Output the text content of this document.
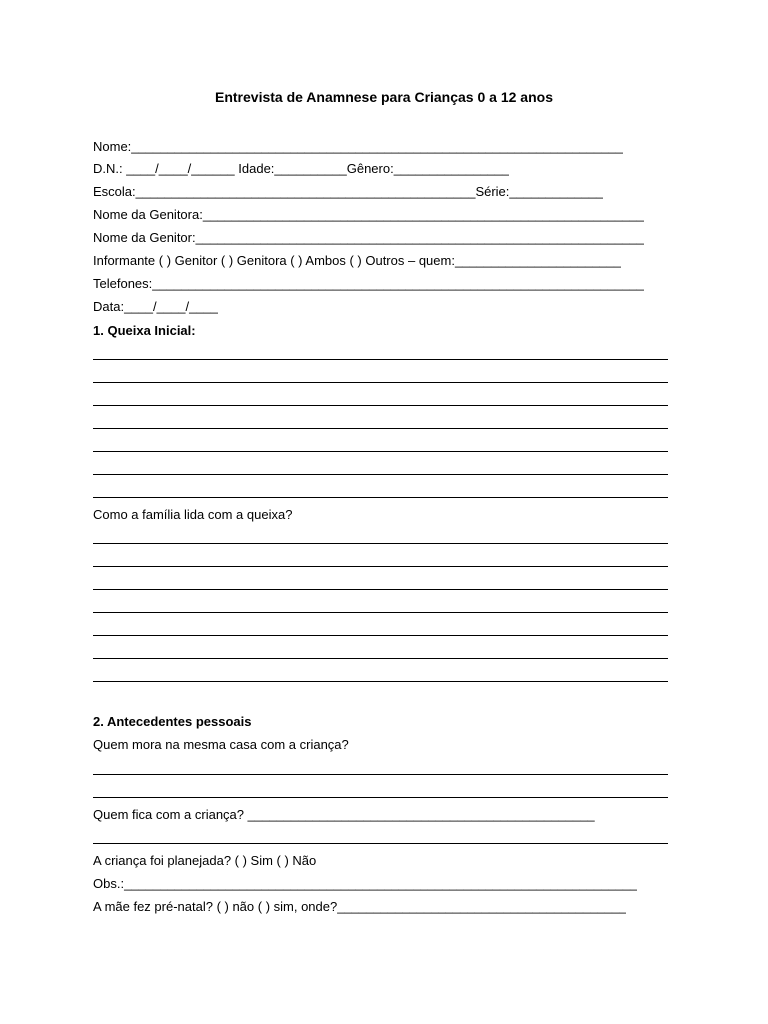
Entrevista de Anamnese para Crianças 0 a 12 anos
Nome:____________________________________________________________________
D.N.: ____/____/______ Idade:__________Gênero:________________
Escola:_______________________________________________Série:_____________
Nome da Genitora:_____________________________________________________________
Nome da Genitor:______________________________________________________________
Informante ( ) Genitor ( ) Genitora ( ) Ambos ( ) Outros – quem:_______________________
Telefones:____________________________________________________________________
Data:____/____/____
1. Queixa Inicial:
Como a família lida com a queixa?
2. Antecedentes pessoais
Quem mora na mesma casa com a criança?
Quem fica com a criança? ________________________________________________
A criança foi planejada? ( ) Sim ( ) Não
Obs.:_______________________________________________________________________
A mãe fez pré-natal? ( ) não ( ) sim, onde?________________________________________
